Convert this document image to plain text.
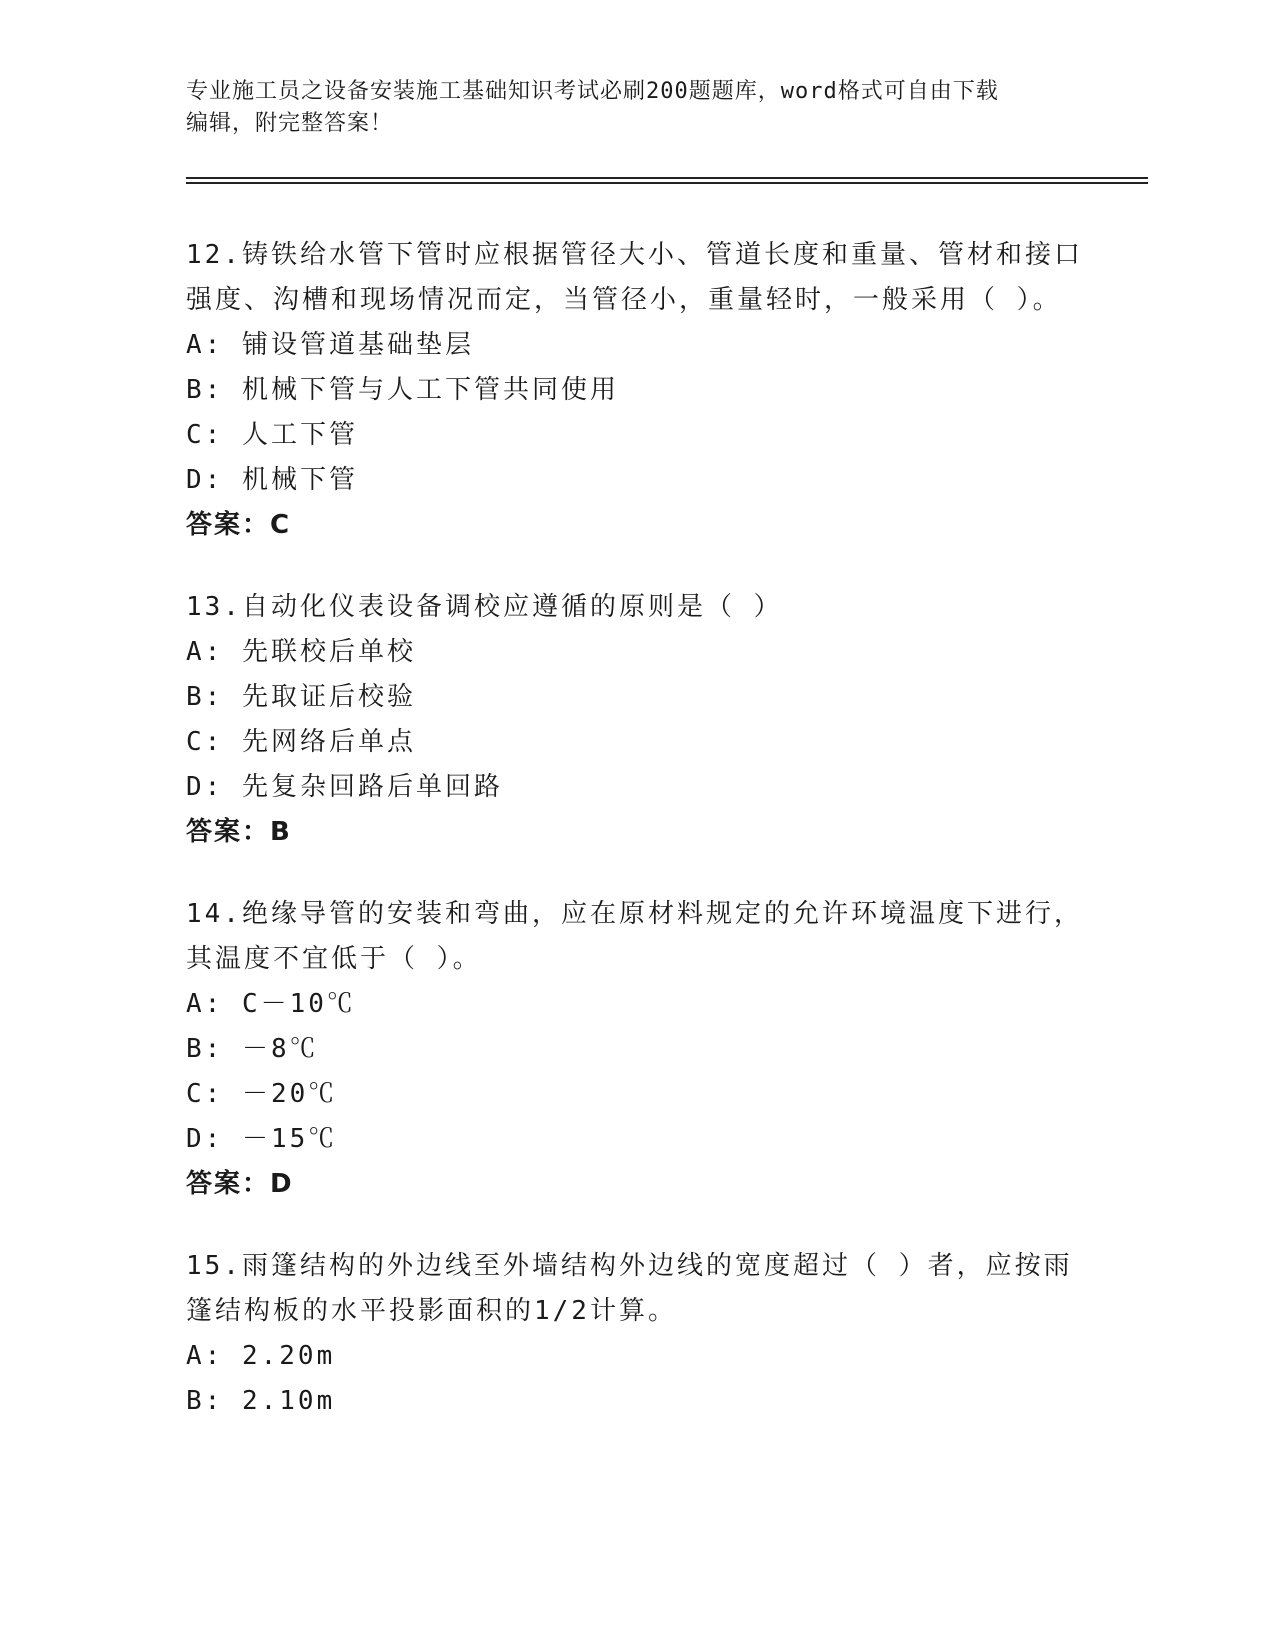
专业施工员之设备安装施工基础知识考试必刷200题题库，word格式可自由下载
编辑，附完整答案！

12.铸铁给水管下管时应根据管径大小、管道长度和重量、管材和接口

强度、沟槽和现场情况而定，当管径小，重量轻时，一般采用（ ）。

A: 铺设管道基础垫层

B: 机械下管与人工下管共同使用

C: 人工下管

D: 机械下管

答案：C

13.自动化仪表设备调校应遵循的原则是（ ）

A: 先联校后单校

B: 先取证后校验

C: 先网络后单点

D: 先复杂回路后单回路

答案：B

14.绝缘导管的安装和弯曲，应在原材料规定的允许环境温度下进行，

其温度不宜低于（ ）。

A: C－10℃

B: －8℃

C: －20℃

D: －15℃

答案：D

15.雨篷结构的外边线至外墙结构外边线的宽度超过（ ）者，应按雨

篷结构板的水平投影面积的1/2计算。

A: 2.20m

B: 2.10m
